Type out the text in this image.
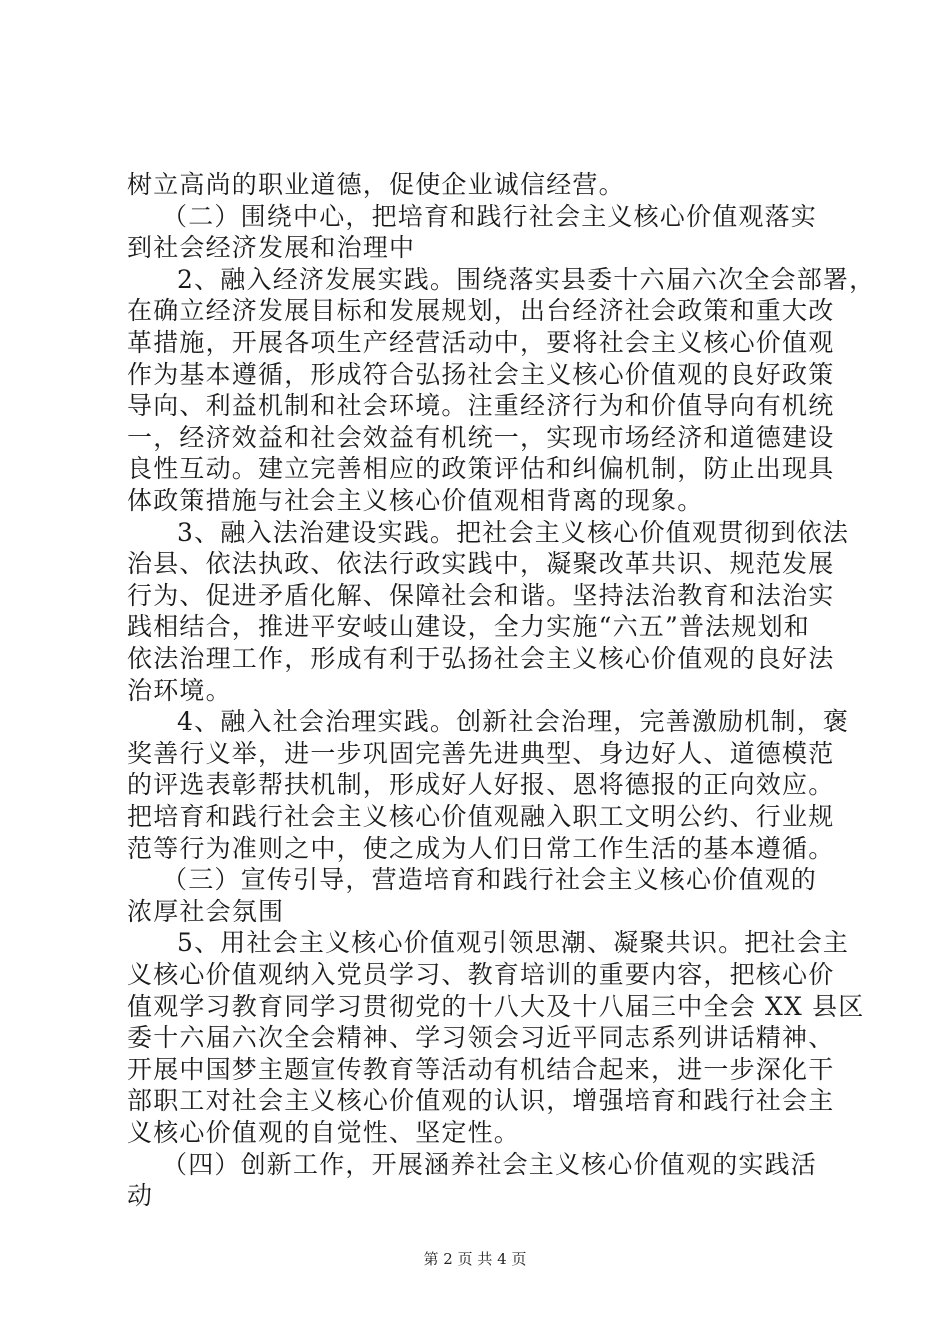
树立高尚的职业道德，促使企业诚信经营。
（二）围绕中心，把培育和践行社会主义核心价值观落实
到社会经济发展和治理中
2、融入经济发展实践。围绕落实县委十六届六次全会部署，
在确立经济发展目标和发展规划，出台经济社会政策和重大改
革措施，开展各项生产经营活动中，要将社会主义核心价值观
作为基本遵循，形成符合弘扬社会主义核心价值观的良好政策
导向、利益机制和社会环境。注重经济行为和价值导向有机统
一，经济效益和社会效益有机统一，实现市场经济和道德建设
良性互动。建立完善相应的政策评估和纠偏机制，防止出现具
体政策措施与社会主义核心价值观相背离的现象。
3、融入法治建设实践。把社会主义核心价值观贯彻到依法
治县、依法执政、依法行政实践中，凝聚改革共识、规范发展
行为、促进矛盾化解、保障社会和谐。坚持法治教育和法治实
践相结合，推进平安岐山建设，全力实施“六五”普法规划和
依法治理工作，形成有利于弘扬社会主义核心价值观的良好法
治环境。
4、融入社会治理实践。创新社会治理，完善激励机制，褒
奖善行义举，进一步巩固完善先进典型、身边好人、道德模范
的评选表彰帮扶机制，形成好人好报、恩将德报的正向效应。
把培育和践行社会主义核心价值观融入职工文明公约、行业规
范等行为准则之中，使之成为人们日常工作生活的基本遵循。
（三）宣传引导，营造培育和践行社会主义核心价值观的
浓厚社会氛围
5、用社会主义核心价值观引领思潮、凝聚共识。把社会主
义核心价值观纳入党员学习、教育培训的重要内容，把核心价
值观学习教育同学习贯彻党的十八大及十八届三中全会 XX 县区
委十六届六次全会精神、学习领会习近平同志系列讲话精神、
开展中国梦主题宣传教育等活动有机结合起来，进一步深化干
部职工对社会主义核心价值观的认识，增强培育和践行社会主
义核心价值观的自觉性、坚定性。
（四）创新工作，开展涵养社会主义核心价值观的实践活
动
第 2 页 共 4 页
